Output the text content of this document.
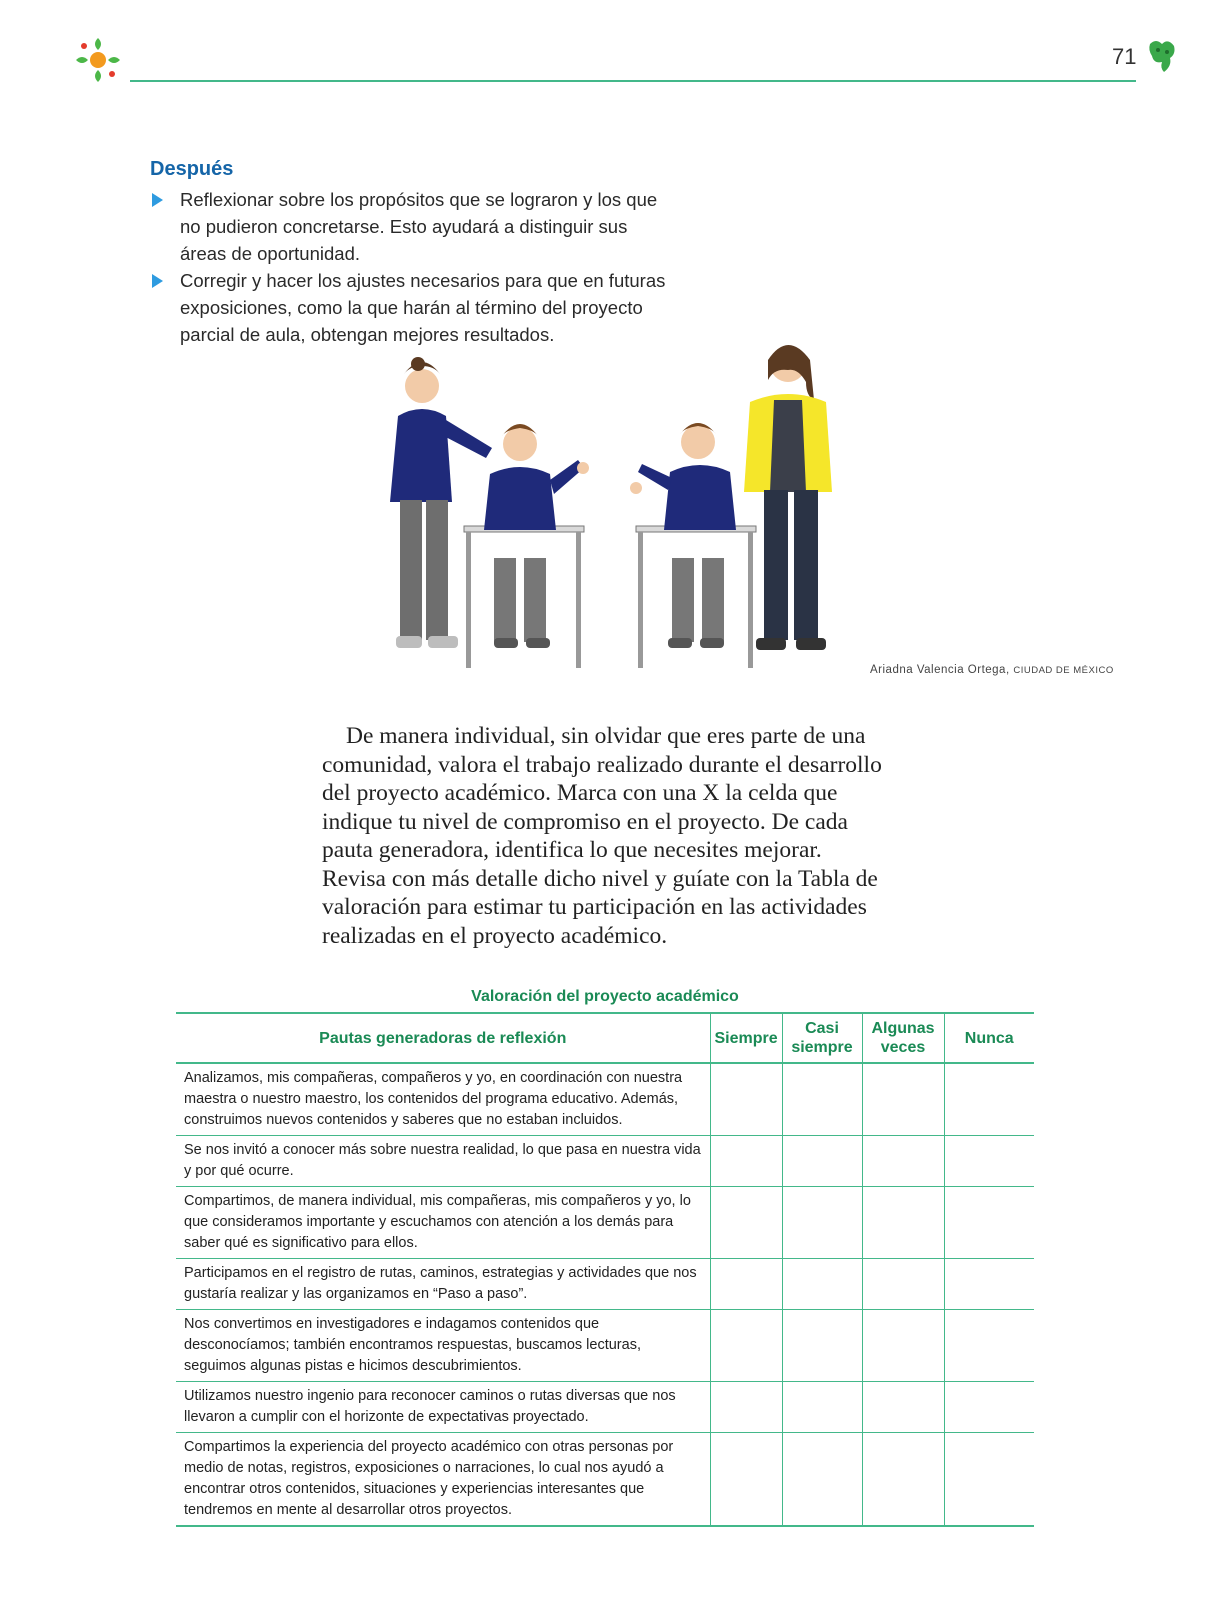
71
Después
Reflexionar sobre los propósitos que se lograron y los que no pudieron concretarse. Esto ayudará a distinguir sus áreas de oportunidad.
Corregir y hacer los ajustes necesarios para que en futuras exposiciones, como la que harán al término del proyecto parcial de aula, obtengan mejores resultados.
Ariadna Valencia Ortega, CIUDAD DE MÉXICO

De manera individual, sin olvidar que eres parte de una comunidad, valora el trabajo realizado durante el desarrollo del proyecto académico. Marca con una X la celda que indique tu nivel de compromiso en el proyecto. De cada pauta generadora, identifica lo que necesites mejorar. Revisa con más detalle dicho nivel y guíate con la Tabla de valoración para estimar tu participación en las actividades realizadas en el proyecto académico.

Valoración del proyecto académico
Pautas generadoras de reflexión	Siempre	Casi siempre	Algunas veces	Nunca
Analizamos, mis compañeras, compañeros y yo, en coordinación con nuestra maestra o nuestro maestro, los contenidos del programa educativo. Además, construimos nuevos contenidos y saberes que no estaban incluidos.				
Se nos invitó a conocer más sobre nuestra realidad, lo que pasa en nuestra vida y por qué ocurre.				
Compartimos, de manera individual, mis compañeras, mis compañeros y yo, lo que consideramos importante y escuchamos con atención a los demás para saber qué es significativo para ellos.				
Participamos en el registro de rutas, caminos, estrategias y actividades que nos gustaría realizar y las organizamos en “Paso a paso”.				
Nos convertimos en investigadores e indagamos contenidos que desconocíamos; también encontramos respuestas, buscamos lecturas, seguimos algunas pistas e hicimos descubrimientos.				
Utilizamos nuestro ingenio para reconocer caminos o rutas diversas que nos llevaron a cumplir con el horizonte de expectativas proyectado.				
Compartimos la experiencia del proyecto académico con otras personas por medio de notas, registros, exposiciones o narraciones, lo cual nos ayudó a encontrar otros contenidos, situaciones y experiencias interesantes que tendremos en mente al desarrollar otros proyectos.				
